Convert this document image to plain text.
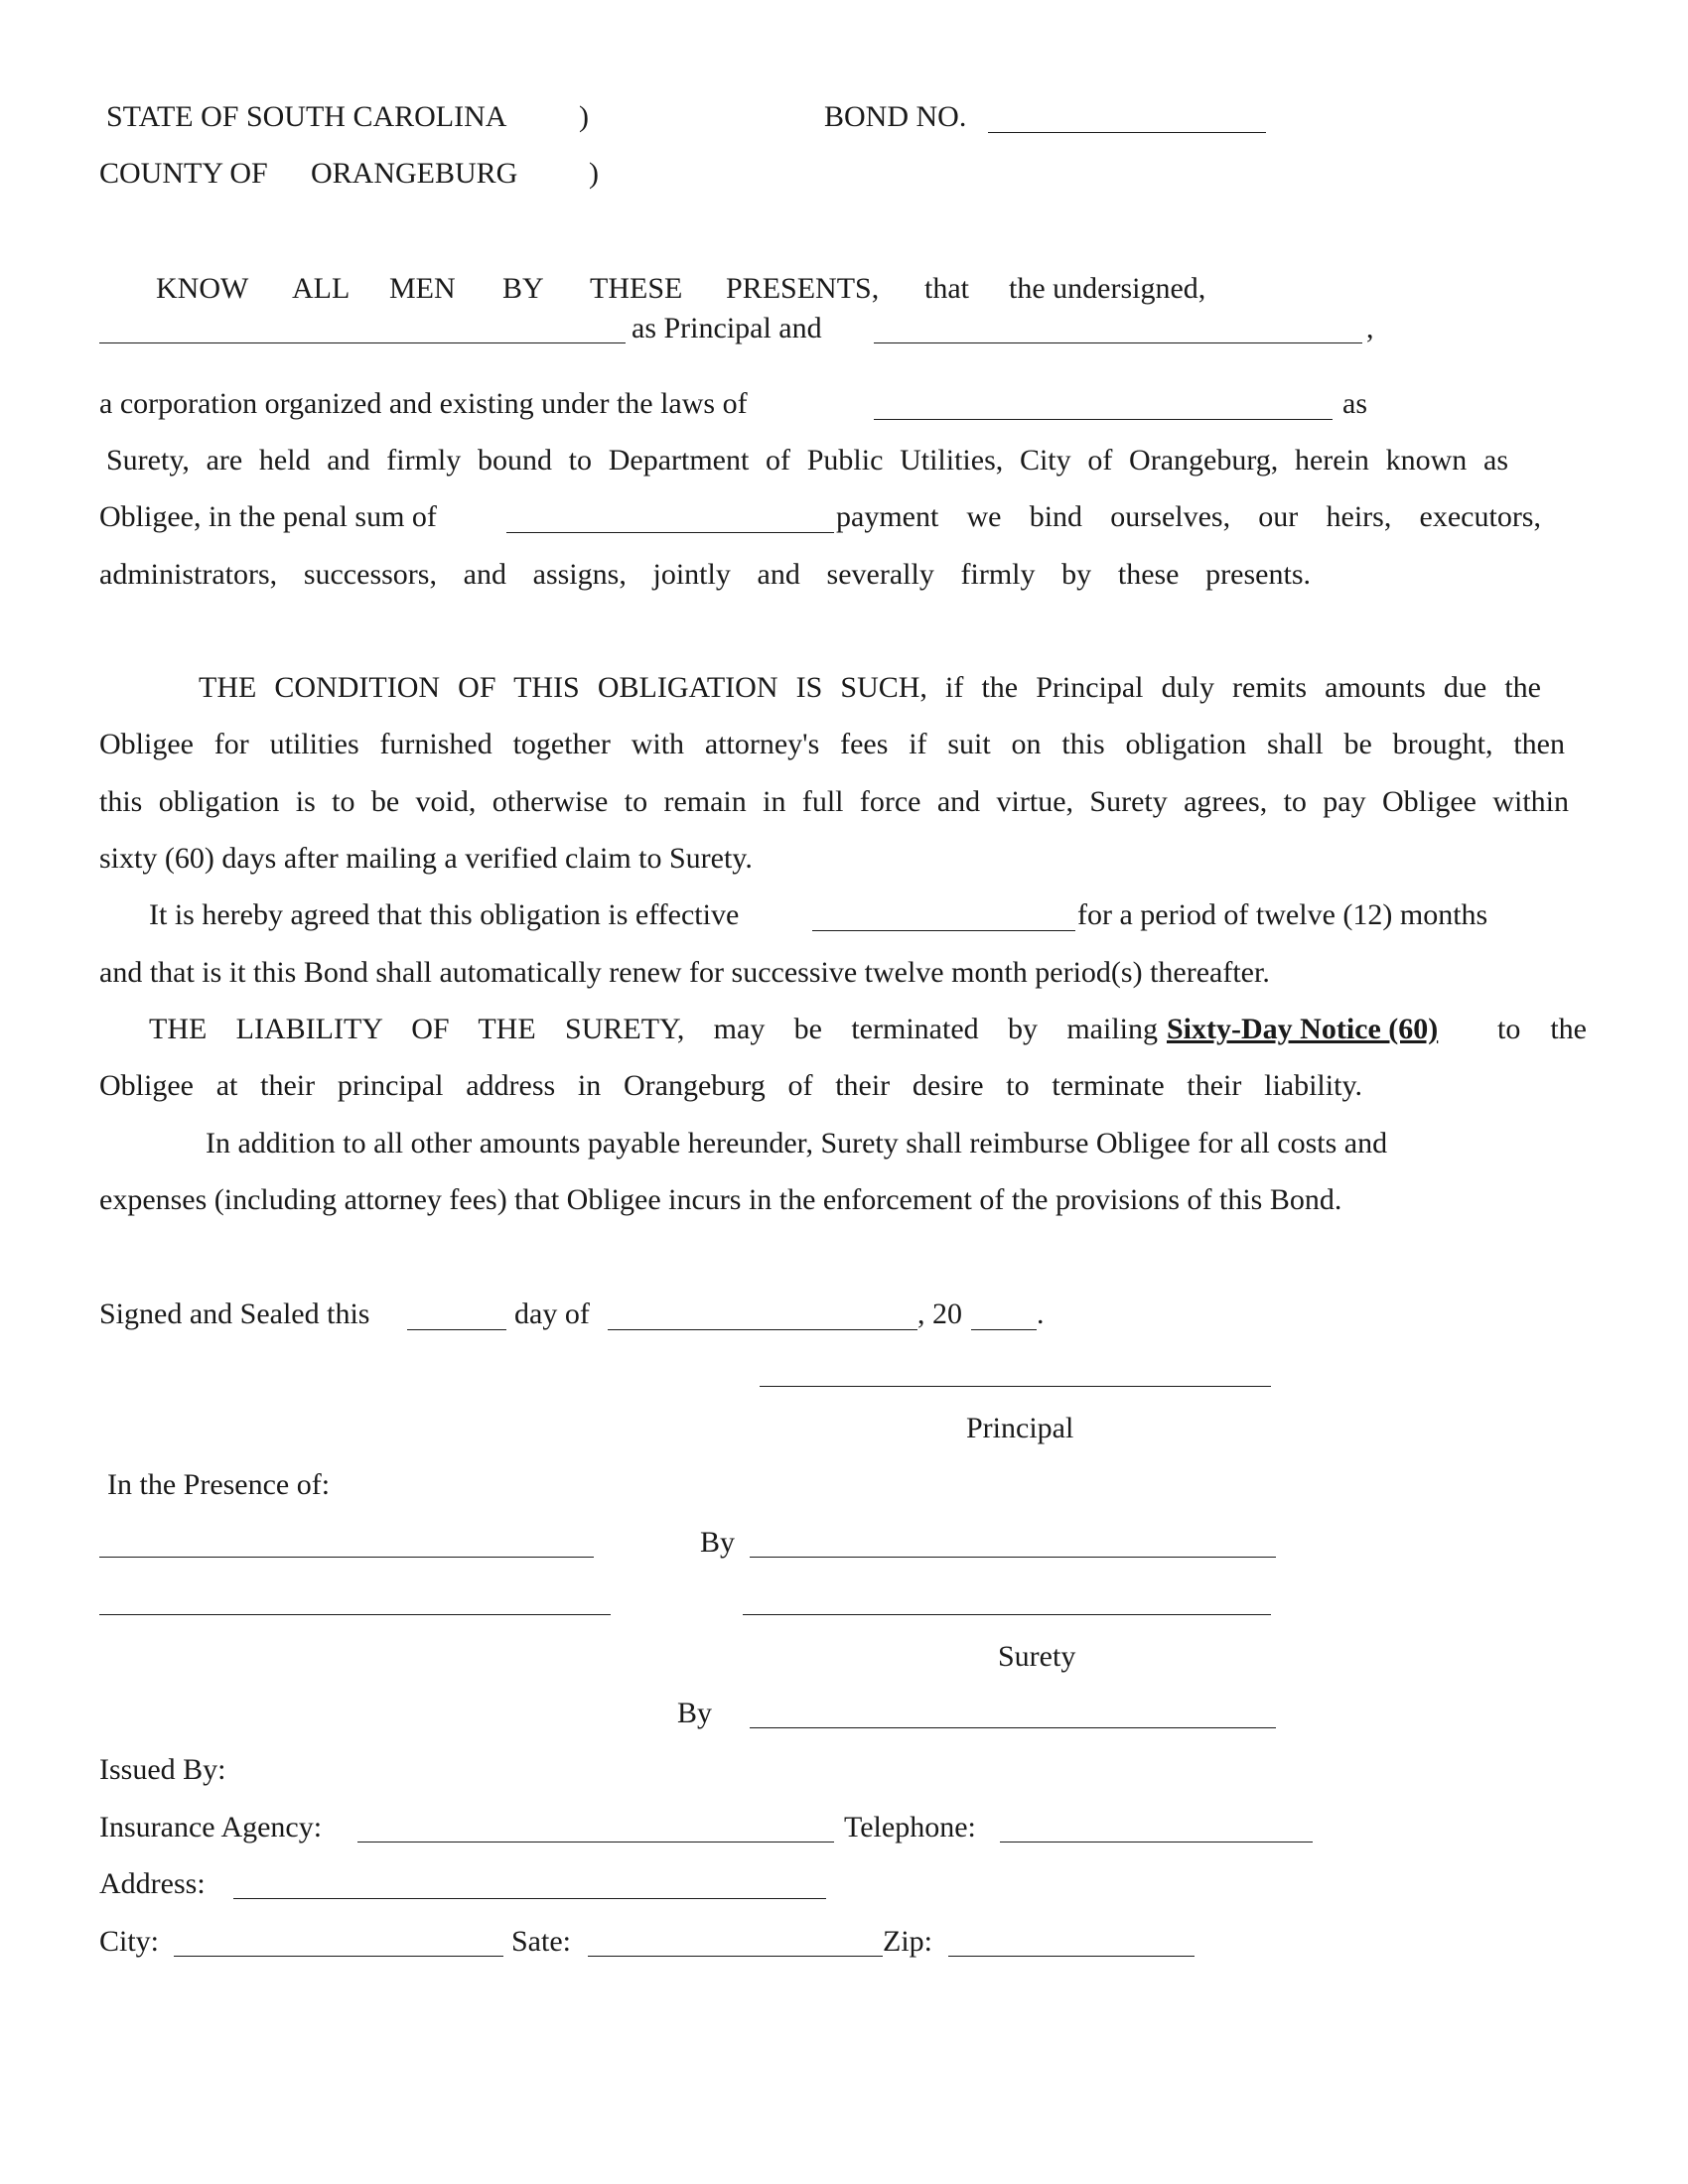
STATE OF SOUTH CAROLINA )	BOND NO.
COUNTY OF ORANGEBURG )
KNOW ALL MEN BY THESE PRESENTS, that the undersigned,
as Principal and	,
a corporation organized and existing under the laws of	as
Surety, are held and firmly bound to Department of Public Utilities, City of Orangeburg, herein known as
Obligee, in the penal sum of	payment we bind ourselves, our heirs, executors,
administrators, successors, and assigns, jointly and severally firmly by these presents.
THE CONDITION OF THIS OBLIGATION IS SUCH, if the Principal duly remits amounts due the
Obligee for utilities furnished together with attorney's fees if suit on this obligation shall be brought, then
this obligation is to be void, otherwise to remain in full force and virtue, Surety agrees, to pay Obligee within
sixty (60) days after mailing a verified claim to Surety.
It is hereby agreed that this obligation is effective	for a period of twelve (12) months
and that is it this Bond shall automatically renew for successive twelve month period(s) thereafter.
THE LIABILITY OF THE SURETY, may be terminated by mailing Sixty-Day Notice (60) to the
Obligee at their principal address in Orangeburg of their desire to terminate their liability.
In addition to all other amounts payable hereunder, Surety shall reimburse Obligee for all costs and
expenses (including attorney fees) that Obligee incurs in the enforcement of the provisions of this Bond.
Signed and Sealed this	day of	, 20	.
Principal
In the Presence of:
By
Surety
By
Issued By:
Insurance Agency:	Telephone:
Address:
City:	Sate:	Zip:
